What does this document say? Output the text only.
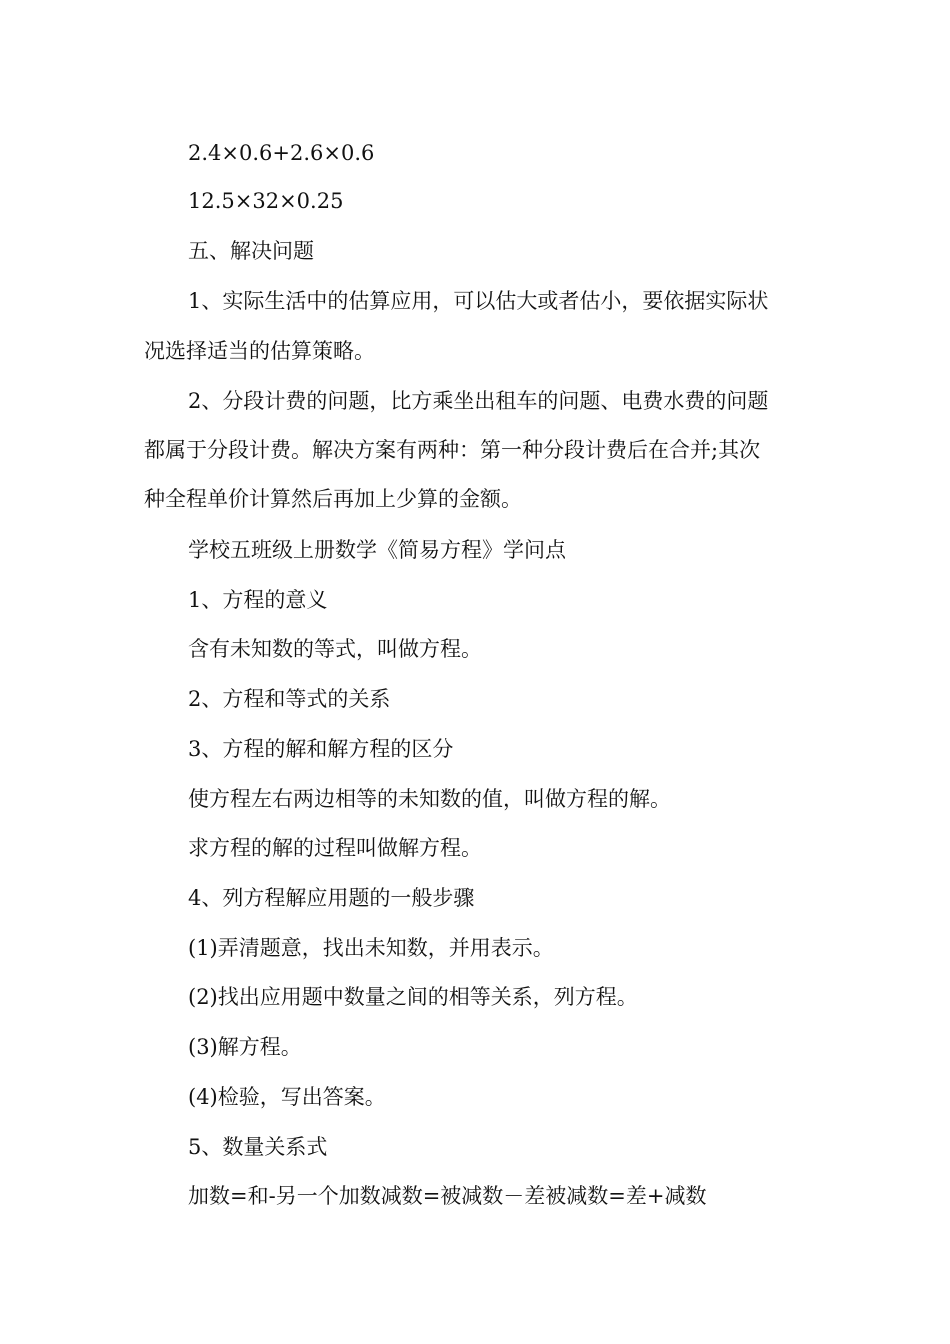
2.4×0.6+2.6×0.6
12.5×32×0.25
五、解决问题
1、实际生活中的估算应用，可以估大或者估小，要依据实际状
况选择适当的估算策略。
2、分段计费的问题，比方乘坐出租车的问题、电费水费的问题
都属于分段计费。解决方案有两种：第一种分段计费后在合并;其次
种全程单价计算然后再加上少算的金额。
学校五班级上册数学《简易方程》学问点
1、方程的意义
含有未知数的等式，叫做方程。
2、方程和等式的关系
3、方程的解和解方程的区分
使方程左右两边相等的未知数的值，叫做方程的解。
求方程的解的过程叫做解方程。
4、列方程解应用题的一般步骤
(1)弄清题意，找出未知数，并用表示。
(2)找出应用题中数量之间的相等关系，列方程。
(3)解方程。
(4)检验，写出答案。
5、数量关系式
加数=和-另一个加数减数=被减数－差被减数=差+减数
